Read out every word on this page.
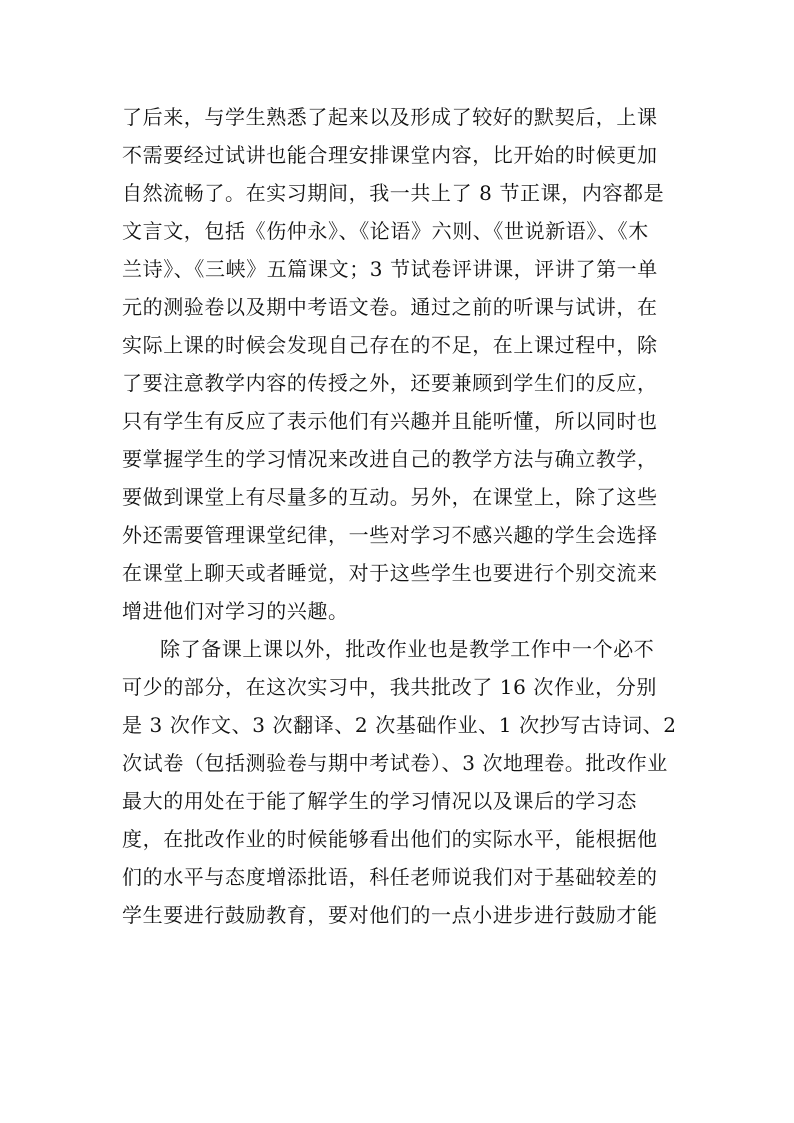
了后来，与学生熟悉了起来以及形成了较好的默契后，上课
不需要经过试讲也能合理安排课堂内容，比开始的时候更加
自然流畅了。在实习期间，我一共上了 8 节正课，内容都是
文言文，包括《伤仲永》、《论语》六则、《世说新语》、《木
兰诗》、《三峡》五篇课文；3 节试卷评讲课，评讲了第一单
元的测验卷以及期中考语文卷。通过之前的听课与试讲，在
实际上课的时候会发现自己存在的不足，在上课过程中，除
了要注意教学内容的传授之外，还要兼顾到学生们的反应，
只有学生有反应了表示他们有兴趣并且能听懂，所以同时也
要掌握学生的学习情况来改进自己的教学方法与确立教学，
要做到课堂上有尽量多的互动。另外，在课堂上，除了这些
外还需要管理课堂纪律，一些对学习不感兴趣的学生会选择
在课堂上聊天或者睡觉，对于这些学生也要进行个别交流来
增进他们对学习的兴趣。
除了备课上课以外，批改作业也是教学工作中一个必不
可少的部分，在这次实习中，我共批改了 16 次作业，分别
是 3 次作文、3 次翻译、2 次基础作业、1 次抄写古诗词、2
次试卷（包括测验卷与期中考试卷）、3 次地理卷。批改作业
最大的用处在于能了解学生的学习情况以及课后的学习态
度，在批改作业的时候能够看出他们的实际水平，能根据他
们的水平与态度增添批语，科任老师说我们对于基础较差的
学生要进行鼓励教育，要对他们的一点小进步进行鼓励才能
